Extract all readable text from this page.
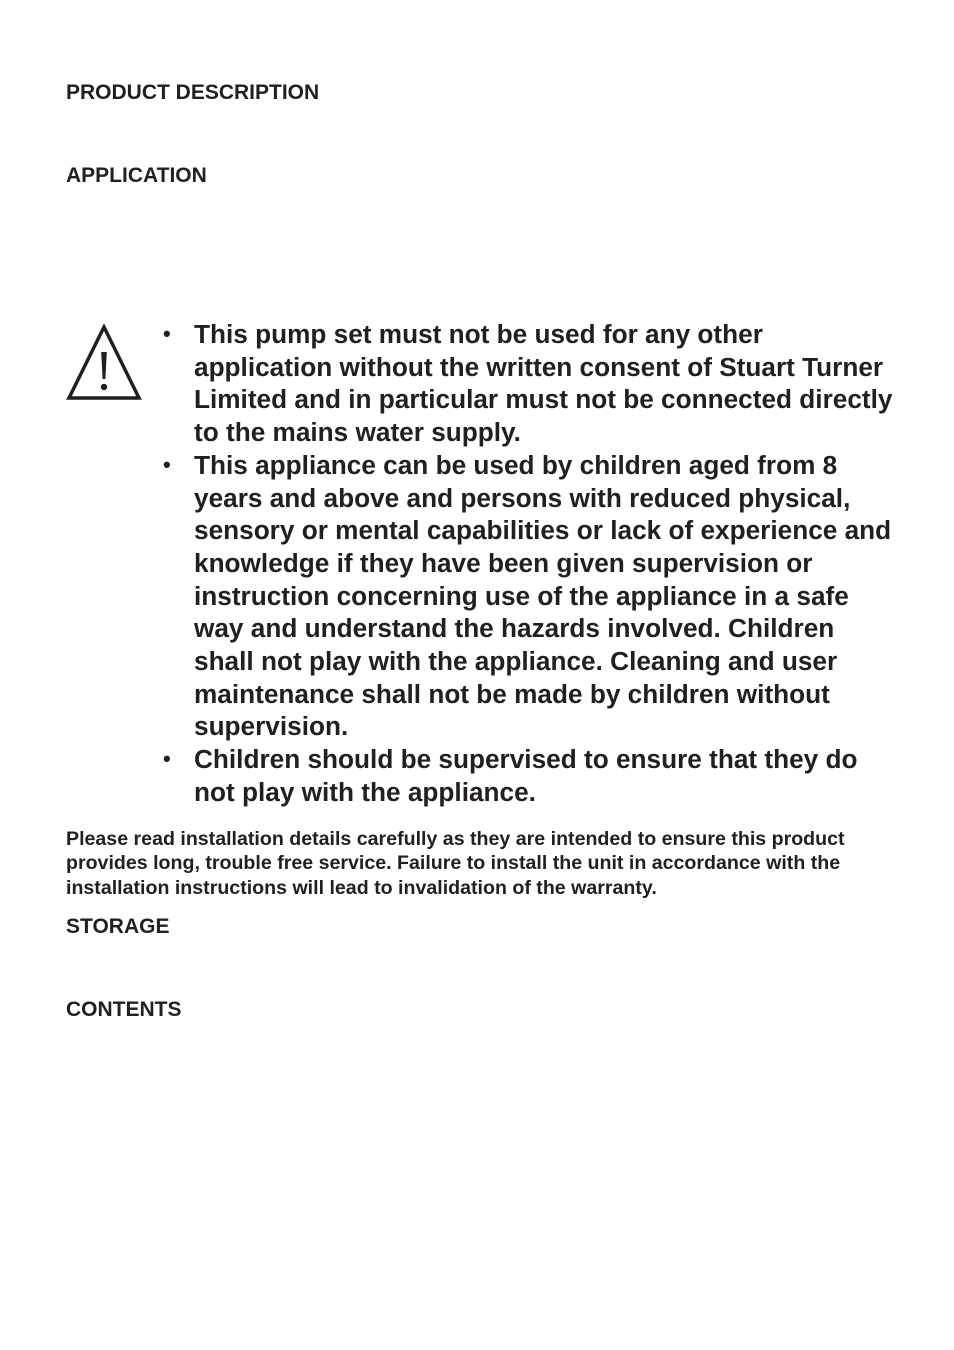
PRODUCT DESCRIPTION
APPLICATION
• This pump set must not be used for any other application without the written consent of Stuart Turner Limited and in particular must not be connected directly to the mains water supply.
• This appliance can be used by children aged from 8 years and above and persons with reduced physical, sensory or mental capabilities or lack of experience and knowledge if they have been given supervision or instruction concerning use of the appliance in a safe way and understand the hazards involved. Children shall not play with the appliance. Cleaning and user maintenance shall not be made by children without supervision.
• Children should be supervised to ensure that they do not play with the appliance.

Please read installation details carefully as they are intended to ensure this product provides long, trouble free service. Failure to install the unit in accordance with the installation instructions will lead to invalidation of the warranty.

STORAGE
CONTENTS
